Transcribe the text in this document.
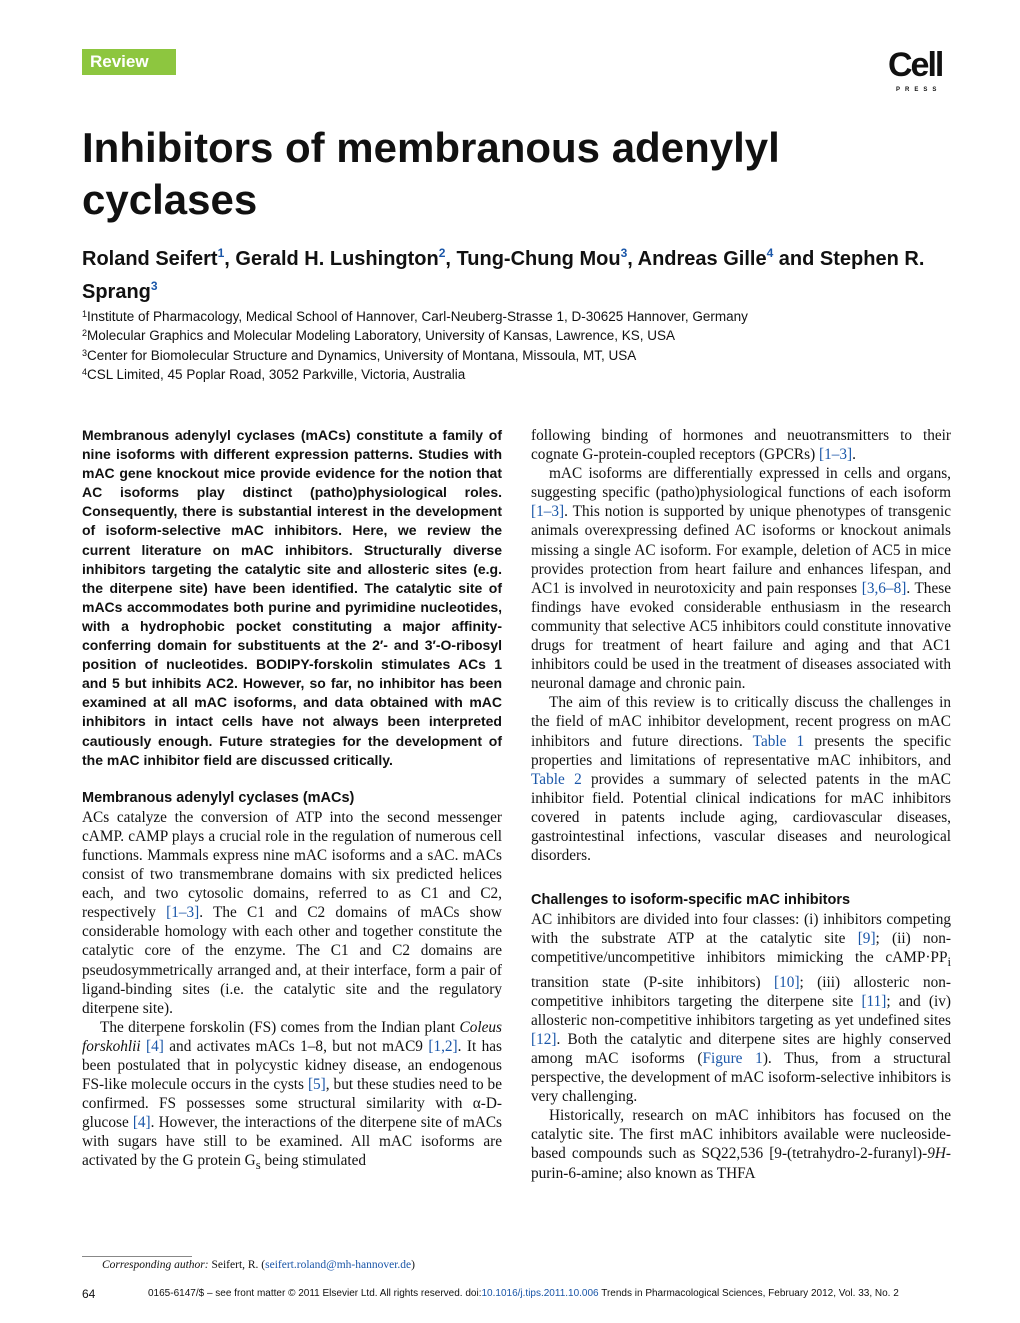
Review	Cell
PRESS
Inhibitors of membranous adenylyl cyclases
Roland Seifert$^1$, Gerald H. Lushington$^2$, Tung-Chung Mou$^3$, Andreas Gille$^4$ and Stephen R. Sprang$^3$
$^1$Institute of Pharmacology, Medical School of Hannover, Carl-Neuberg-Strasse 1, D-30625 Hannover, Germany
$^2$Molecular Graphics and Molecular Modeling Laboratory, University of Kansas, Lawrence, KS, USA
$^3$Center for Biomolecular Structure and Dynamics, University of Montana, Missoula, MT, USA
$^4$CSL Limited, 45 Poplar Road, 3052 Parkville, Victoria, Australia

Membranous adenylyl cyclases (mACs) constitute a family of nine isoforms with different expression patterns. Studies with mAC gene knockout mice provide evidence for the notion that AC isoforms play distinct (patho)physiological roles. Consequently, there is substantial interest in the development of isoform-selective mAC inhibitors. Here, we review the current literature on mAC inhibitors. Structurally diverse inhibitors targeting the catalytic site and allosteric sites (e.g. the diterpene site) have been identified. The catalytic site of mACs accommodates both purine and pyrimidine nucleotides, with a hydrophobic pocket constituting a major affinity-conferring domain for substituents at the 2′- and 3′-O-ribosyl position of nucleotides. BODIPY-forskolin stimulates ACs 1 and 5 but inhibits AC2. However, so far, no inhibitor has been examined at all mAC isoforms, and data obtained with mAC inhibitors in intact cells have not always been interpreted cautiously enough. Future strategies for the development of the mAC inhibitor field are discussed critically.

Membranous adenylyl cyclases (mACs)

ACs catalyze the conversion of ATP into the second messenger cAMP. cAMP plays a crucial role in the regulation of numerous cell functions. Mammals express nine mAC isoforms and a sAC. mACs consist of two transmembrane domains with six predicted helices each, and two cytosolic domains, referred to as C1 and C2, respectively [1–3]. The C1 and C2 domains of mACs show considerable homology with each other and together constitute the catalytic core of the enzyme. The C1 and C2 domains are pseudosymmetrically arranged and, at their interface, form a pair of ligand-binding sites (i.e. the catalytic site and the regulatory diterpene site).

The diterpene forskolin (FS) comes from the Indian plant Coleus forskohlii [4] and activates mACs 1–8, but not mAC9 [1,2]. It has been postulated that in polycystic kidney disease, an endogenous FS-like molecule occurs in the cysts [5], but these studies need to be confirmed. FS possesses some structural similarity with α-D-glucose [4]. However, the interactions of the diterpene site of mACs with sugars have still to be examined. All mAC isoforms are activated by the G protein $G_s$ being stimulated

following binding of hormones and neuotransmitters to their cognate G-protein-coupled receptors (GPCRs) [1–3].

mAC isoforms are differentially expressed in cells and organs, suggesting specific (patho)physiological functions of each isoform [1–3]. This notion is supported by unique phenotypes of transgenic animals overexpressing defined AC isoforms or knockout animals missing a single AC isoform. For example, deletion of AC5 in mice provides protection from heart failure and enhances lifespan, and AC1 is involved in neurotoxicity and pain responses [3,6–8]. These findings have evoked considerable enthusiasm in the research community that selective AC5 inhibitors could constitute innovative drugs for treatment of heart failure and aging and that AC1 inhibitors could be used in the treatment of diseases associated with neuronal damage and chronic pain.

The aim of this review is to critically discuss the challenges in the field of mAC inhibitor development, recent progress on mAC inhibitors and future directions. Table 1 presents the specific properties and limitations of representative mAC inhibitors, and Table 2 provides a summary of selected patents in the mAC inhibitor field. Potential clinical indications for mAC inhibitors covered in patents include aging, cardiovascular diseases, gastrointestinal infections, vascular diseases and neurological disorders.

Challenges to isoform-specific mAC inhibitors

AC inhibitors are divided into four classes: (i) inhibitors competing with the substrate ATP at the catalytic site [9]; (ii) non-competitive/uncompetitive inhibitors mimicking the $cAMP\cdot PP_i$ transition state (P-site inhibitors) [10]; (iii) allosteric non-competitive inhibitors targeting the diterpene site [11]; and (iv) allosteric non-competitive inhibitors targeting as yet undefined sites [12]. Both the catalytic and diterpene sites are highly conserved among mAC isoforms (Figure 1). Thus, from a structural perspective, the development of mAC isoform-selective inhibitors is very challenging.

Historically, research on mAC inhibitors has focused on the catalytic site. The first mAC inhibitors available were nucleoside-based compounds such as SQ22,536 [9-(tetrahydro-2-furanyl)-9H-purin-6-amine; also known as THFA

Corresponding author: Seifert, R. (seifert.roland@mh-hannover.de)
64	0165-6147/$ – see front matter © 2011 Elsevier Ltd. All rights reserved. doi:10.1016/j.tips.2011.10.006 Trends in Pharmacological Sciences, February 2012, Vol. 33, No. 2
